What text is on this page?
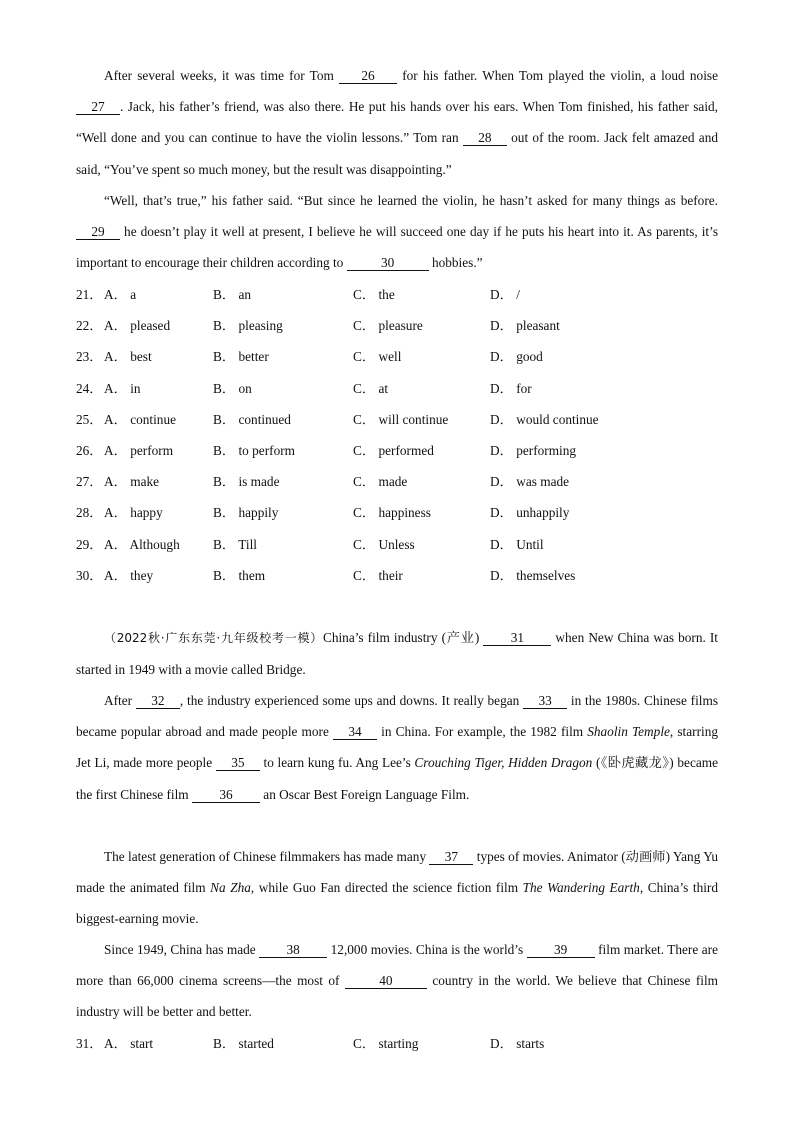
After several weeks, it was time for Tom 26 for his father. When Tom played the violin, a loud noise 27 . Jack, his father’s friend, was also there. He put his hands over his ears. When Tom finished, his father said, “Well done and you can continue to have the violin lessons.” Tom ran 28 out of the room. Jack felt amazed and said, “You’ve spent so much money, but the result was disappointing.”

“Well, that’s true,” his father said. “But since he learned the violin, he hasn’t asked for many things as before. 29 he doesn’t play it well at present, I believe he will succeed one day if he puts his heart into it. As parents, it’s important to encourage their children according to	30	hobbies.”

21． A． a	B． an	C． the	D． /
22． A． pleased	B． pleasing	C． pleasure	D． pleasant
23． A． best	B． better	C． well	D． good
24． A． in	B． on	C． at	D． for
25． A． continue	B． continued	C． will continue	D． would continue
26． A． perform	B． to perform	C． performed	D． performing
27． A． make	B． is made	C． made	D． was made
28． A． happy	B． happily	C． happiness	D． unhappily
29． A． Although	B． Till	C． Unless	D． Until
30． A． they	B． them	C． their	D． themselves

（2022秋·广东东莞·九年级校考一模）China’s film industry (产业) 31 when New China was born. It started in 1949 with a movie called Bridge.

After 32 , the industry experienced some ups and downs. It really began 33 in the 1980s. Chinese films became popular abroad and made people more 34 in China. For example, the 1982 film Shaolin Temple, starring Jet Li, made more people 35 to learn kung fu. Ang Lee’s Crouching Tiger, Hidden Dragon (《卧虎藏龙》) became the first Chinese film 36 an Oscar Best Foreign Language Film.

The latest generation of Chinese filmmakers has made many 37 types of movies. Animator (动画师) Yang Yu made the animated film Na Zha, while Guo Fan directed the science fiction film The Wandering Earth, China’s third biggest-earning movie.

Since 1949, China has made 38 12,000 movies. China is the world’s 39 film market. There are more than 66,000 cinema screens—the most of	40	country in the world. We believe that Chinese film industry will be better and better.

31． A． start	B． started	C． starting	D． starts
